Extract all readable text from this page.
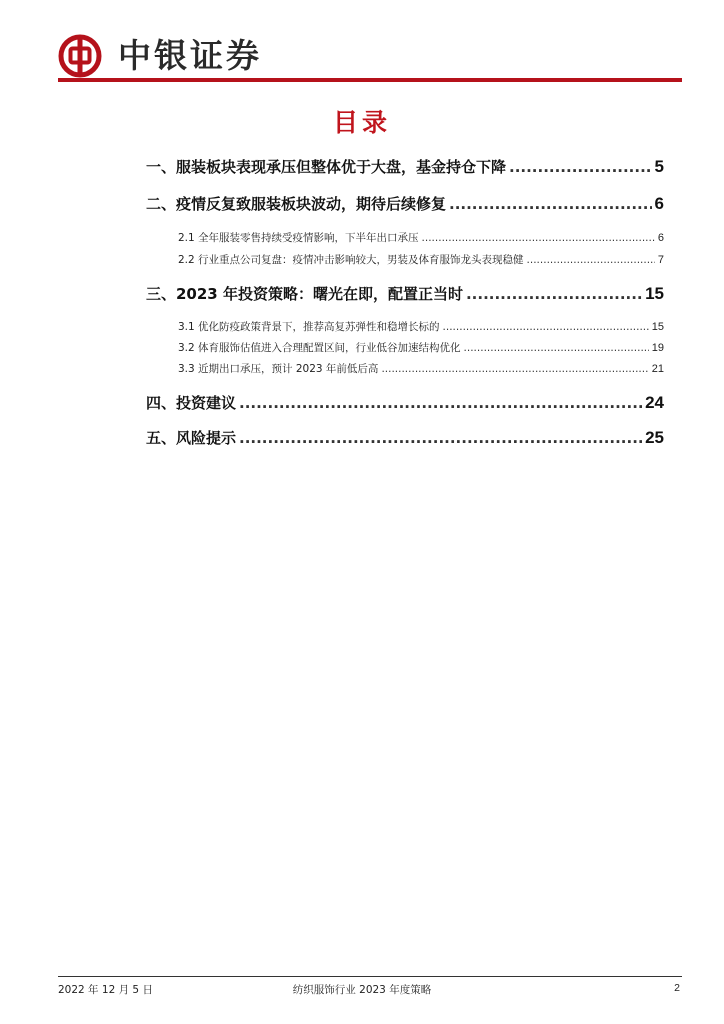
中银证券
目录
一、服装板块表现承压但整体优于大盘，基金持仓下降 .....	5
二、疫情反复致服装板块波动，期待后续修复 .....	6
2.1 全年服装零售持续受疫情影响，下半年出口承压 .....	6
2.2 行业重点公司复盘：疫情冲击影响较大，男装及体育服饰龙头表现稳健 .....	7
三、2023 年投资策略：曙光在即，配置正当时 .....	15
3.1 优化防疫政策背景下，推荐高复苏弹性和稳增长标的 .....	15
3.2 体育服饰估值进入合理配置区间，行业低谷加速结构优化 .....	19
3.3 近期出口承压，预计 2023 年前低后高 .....	21
四、投资建议 .....	24
五、风险提示 .....	25
2022 年 12 月 5 日	纺织服饰行业 2023 年度策略	2
